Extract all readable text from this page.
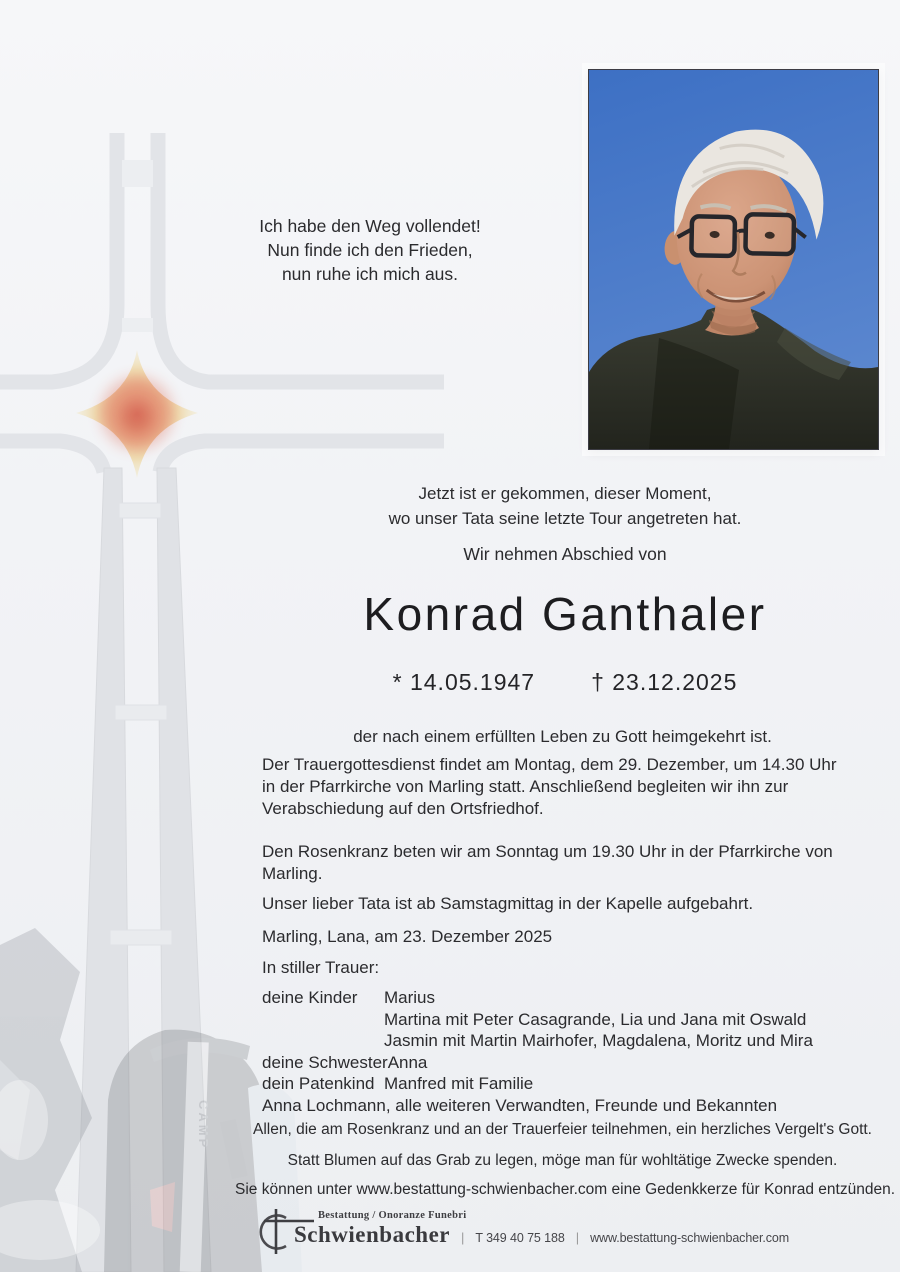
CAMP
Ich habe den Weg vollendet!
Nun finde ich den Frieden,
nun ruhe ich mich aus.
Jetzt ist er gekommen, dieser Moment,
wo unser Tata seine letzte Tour angetreten hat.
Wir nehmen Abschied von
Konrad Ganthaler
* 14.05.1947 † 23.12.2025
der nach einem erfüllten Leben zu Gott heimgekehrt ist.
Der Trauergottesdienst findet am Montag, dem 29. Dezember, um 14.30 Uhr
in der Pfarrkirche von Marling statt. Anschließend begleiten wir ihn zur
Verabschiedung auf den Ortsfriedhof.
Den Rosenkranz beten wir am Sonntag um 19.30 Uhr in der Pfarrkirche von
Marling.
Unser lieber Tata ist ab Samstagmittag in der Kapelle aufgebahrt.
Marling, Lana, am 23. Dezember 2025
In stiller Trauer:
deine Kinder	Marius
Martina mit Peter Casagrande, Lia und Jana mit Oswald
Jasmin mit Martin Mairhofer, Magdalena, Moritz und Mira
deine Schwester Anna
dein Patenkind Manfred mit Familie
Anna Lochmann, alle weiteren Verwandten, Freunde und Bekannten
Allen, die am Rosenkranz und an der Trauerfeier teilnehmen, ein herzliches Vergelt's Gott.
Statt Blumen auf das Grab zu legen, möge man für wohltätige Zwecke spenden.
Sie können unter www.bestattung-schwienbacher.com eine Gedenkkerze für Konrad entzünden.
Bestattung / Onoranze Funebri
Schwienbacher | T 349 40 75 188 | www.bestattung-schwienbacher.com
